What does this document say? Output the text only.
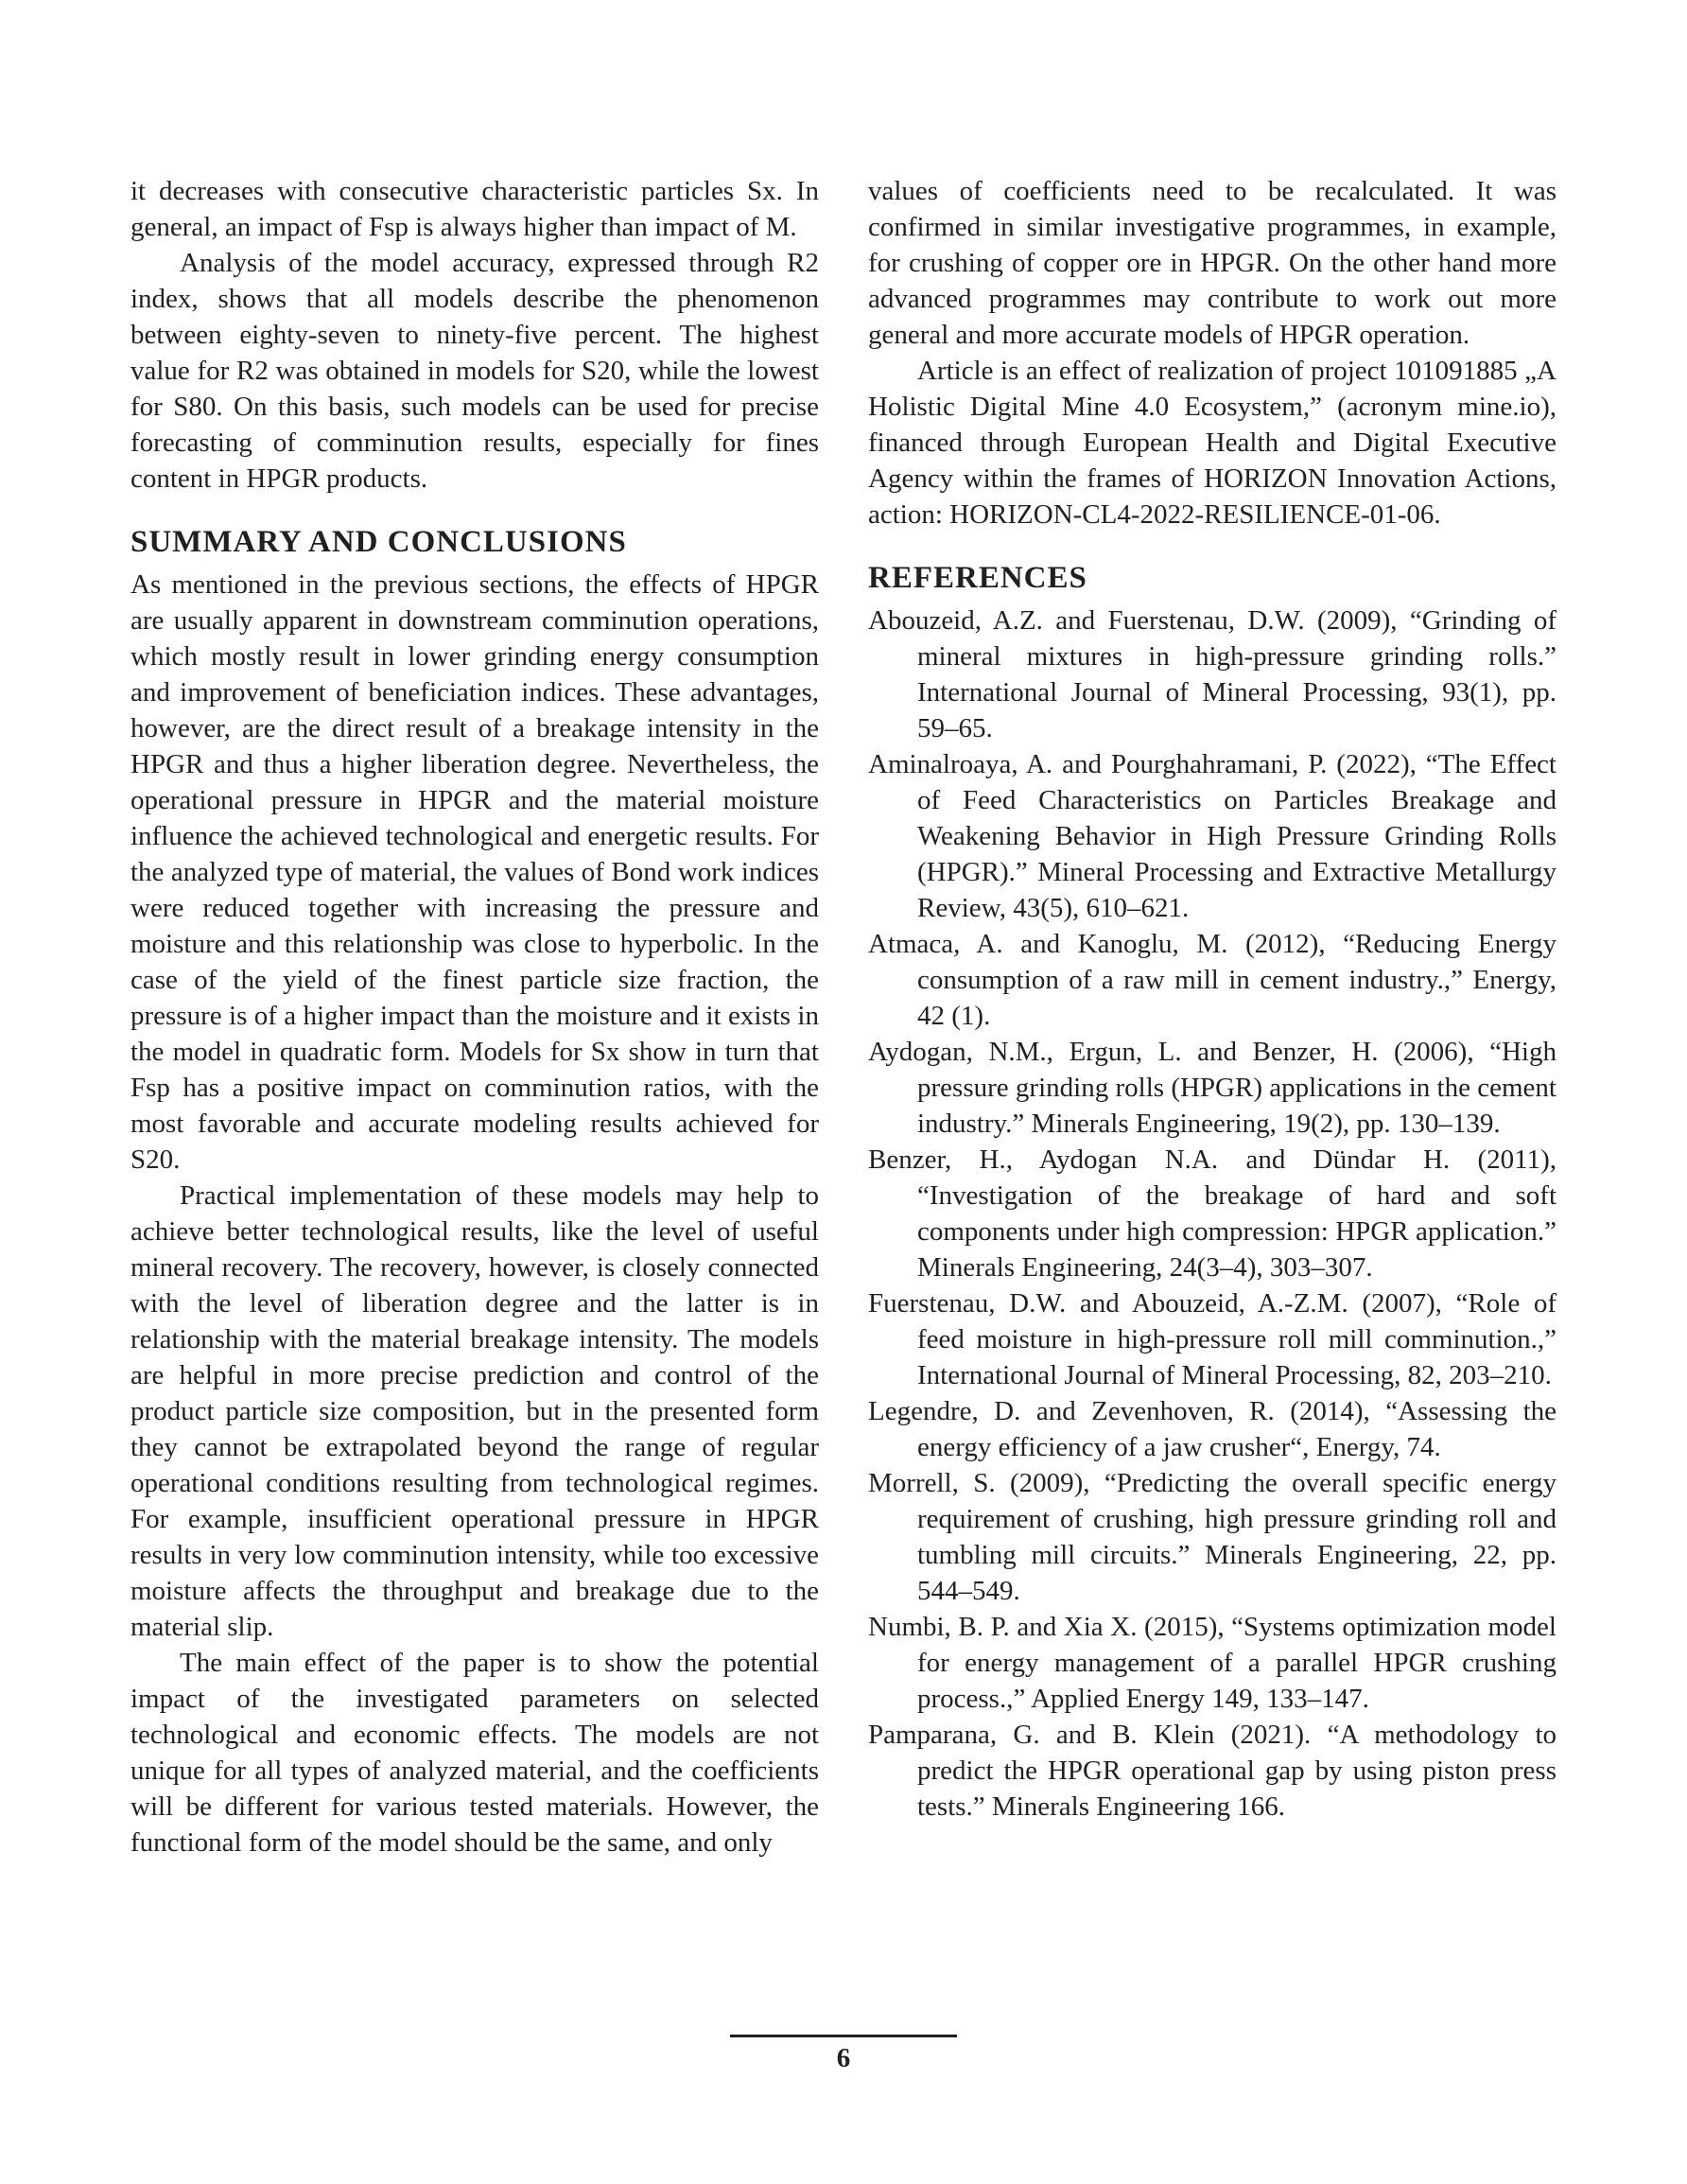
it decreases with consecutive characteristic particles Sx. In general, an impact of Fsp is always higher than impact of M.

Analysis of the model accuracy, expressed through R2 index, shows that all models describe the phenomenon between eighty-seven to ninety-five percent. The highest value for R2 was obtained in models for S20, while the lowest for S80. On this basis, such models can be used for precise forecasting of comminution results, especially for fines content in HPGR products.

SUMMARY AND CONCLUSIONS

As mentioned in the previous sections, the effects of HPGR are usually apparent in downstream comminution operations, which mostly result in lower grinding energy consumption and improvement of beneficiation indices. These advantages, however, are the direct result of a breakage intensity in the HPGR and thus a higher liberation degree. Nevertheless, the operational pressure in HPGR and the material moisture influence the achieved technological and energetic results. For the analyzed type of material, the values of Bond work indices were reduced together with increasing the pressure and moisture and this relationship was close to hyperbolic. In the case of the yield of the finest particle size fraction, the pressure is of a higher impact than the moisture and it exists in the model in quadratic form. Models for Sx show in turn that Fsp has a positive impact on comminution ratios, with the most favorable and accurate modeling results achieved for S20.

Practical implementation of these models may help to achieve better technological results, like the level of useful mineral recovery. The recovery, however, is closely connected with the level of liberation degree and the latter is in relationship with the material breakage intensity. The models are helpful in more precise prediction and control of the product particle size composition, but in the presented form they cannot be extrapolated beyond the range of regular operational conditions resulting from technological regimes. For example, insufficient operational pressure in HPGR results in very low comminution intensity, while too excessive moisture affects the throughput and breakage due to the material slip.

The main effect of the paper is to show the potential impact of the investigated parameters on selected technological and economic effects. The models are not unique for all types of analyzed material, and the coefficients will be different for various tested materials. However, the functional form of the model should be the same, and only

values of coefficients need to be recalculated. It was confirmed in similar investigative programmes, in example, for crushing of copper ore in HPGR. On the other hand more advanced programmes may contribute to work out more general and more accurate models of HPGR operation.

Article is an effect of realization of project 101091885 „A Holistic Digital Mine 4.0 Ecosystem,” (acronym mine.io), financed through European Health and Digital Executive Agency within the frames of HORIZON Innovation Actions, action: HORIZON-CL4-2022-RESILIENCE-01-06.

REFERENCES
Abouzeid, A.Z. and Fuerstenau, D.W. (2009), “Grinding of mineral mixtures in high-pressure grinding rolls.” International Journal of Mineral Processing, 93(1), pp. 59–65.
Aminalroaya, A. and Pourghahramani, P. (2022), “The Effect of Feed Characteristics on Particles Breakage and Weakening Behavior in High Pressure Grinding Rolls (HPGR).” Mineral Processing and Extractive Metallurgy Review, 43(5), 610–621.
Atmaca, A. and Kanoglu, M. (2012), “Reducing Energy consumption of a raw mill in cement industry.,” Energy, 42 (1).
Aydogan, N.M., Ergun, L. and Benzer, H. (2006), “High pressure grinding rolls (HPGR) applications in the cement industry.” Minerals Engineering, 19(2), pp. 130–139.
Benzer, H., Aydogan N.A. and Dündar H. (2011), “Investigation of the breakage of hard and soft components under high compression: HPGR application.” Minerals Engineering, 24(3–4), 303–307.
Fuerstenau, D.W. and Abouzeid, A.-Z.M. (2007), “Role of feed moisture in high-pressure roll mill comminution.,” International Journal of Mineral Processing, 82, 203–210.
Legendre, D. and Zevenhoven, R. (2014), “Assessing the energy efficiency of a jaw crusher“, Energy, 74.
Morrell, S. (2009), “Predicting the overall specific energy requirement of crushing, high pressure grinding roll and tumbling mill circuits.” Minerals Engineering, 22, pp. 544–549.
Numbi, B. P. and Xia X. (2015), “Systems optimization model for energy management of a parallel HPGR crushing process.,” Applied Energy 149, 133–147.
Pamparana, G. and B. Klein (2021). “A methodology to predict the HPGR operational gap by using piston press tests.” Minerals Engineering 166.
6
